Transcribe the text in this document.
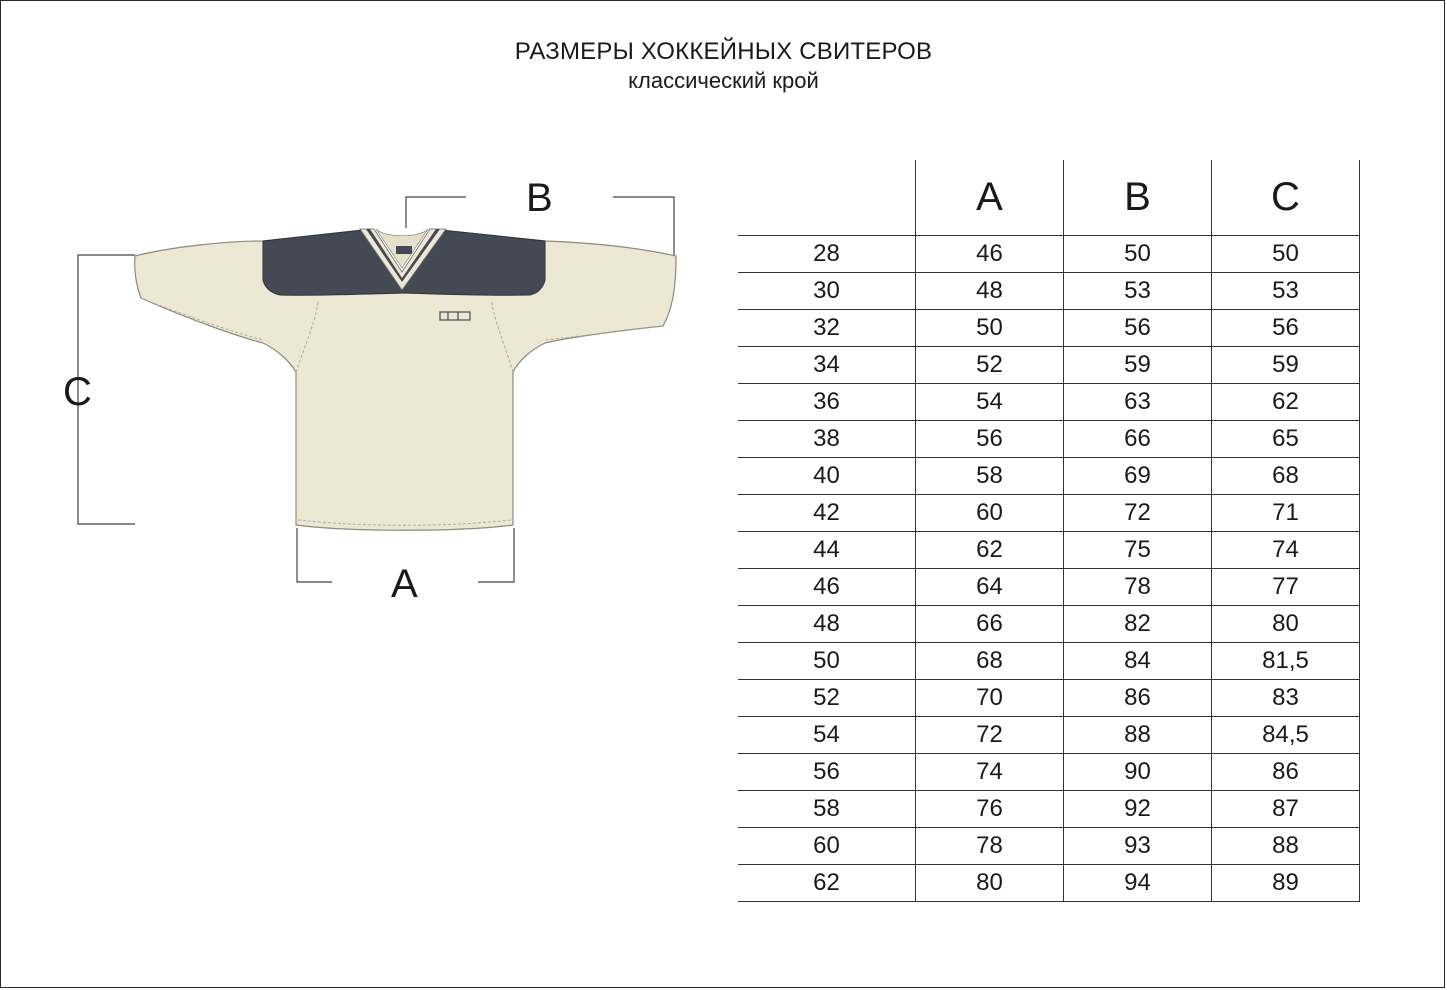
РАЗМЕРЫ ХОККЕЙНЫХ СВИТЕРОВ
классический крой
B
C
A
	A	B	C
28	46	50	50
30	48	53	53
32	50	56	56
34	52	59	59
36	54	63	62
38	56	66	65
40	58	69	68
42	60	72	71
44	62	75	74
46	64	78	77
48	66	82	80
50	68	84	81,5
52	70	86	83
54	72	88	84,5
56	74	90	86
58	76	92	87
60	78	93	88
62	80	94	89
